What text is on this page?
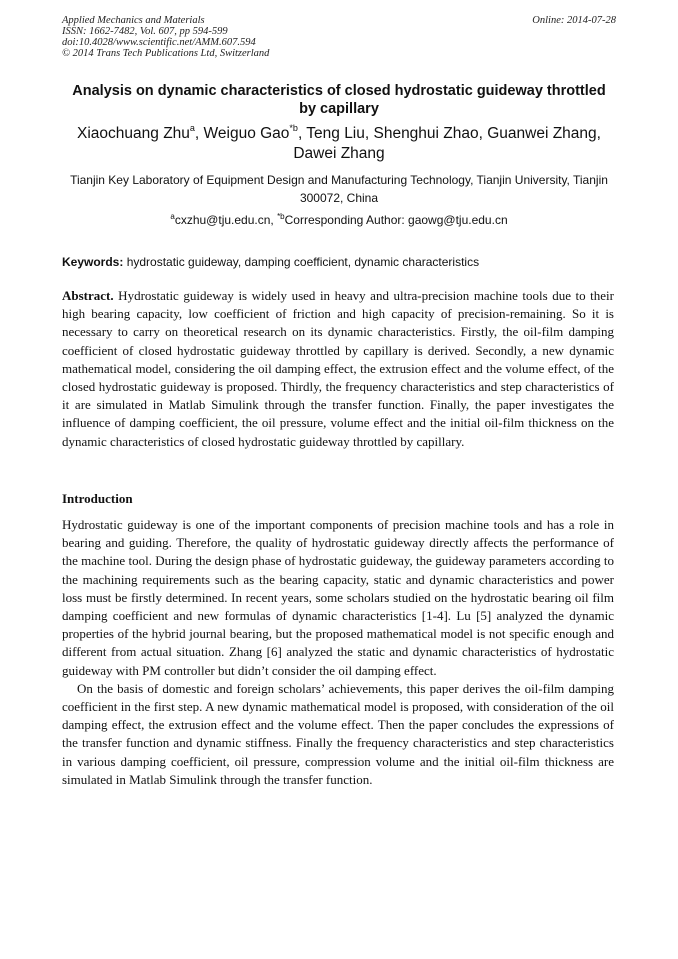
Applied Mechanics and Materials
ISSN: 1662-7482, Vol. 607, pp 594-599
doi:10.4028/www.scientific.net/AMM.607.594
© 2014 Trans Tech Publications Ltd, Switzerland
Online: 2014-07-28
Analysis on dynamic characteristics of closed hydrostatic guideway throttled by capillary
Xiaochuang Zhu$^a$, Weiguo Gao$^{*b}$, Teng Liu, Shenghui Zhao, Guanwei Zhang, Dawei Zhang
Tianjin Key Laboratory of Equipment Design and Manufacturing Technology, Tianjin University, Tianjin 300072, China
$^a$cxzhu@tju.edu.cn, $^{*b}$Corresponding Author: gaowg@tju.edu.cn
Keywords: hydrostatic guideway, damping coefficient, dynamic characteristics
Abstract. Hydrostatic guideway is widely used in heavy and ultra-precision machine tools due to their high bearing capacity, low coefficient of friction and high capacity of precision-remaining. So it is necessary to carry on theoretical research on its dynamic characteristics. Firstly, the oil-film damping coefficient of closed hydrostatic guideway throttled by capillary is derived. Secondly, a new dynamic mathematical model, considering the oil damping effect, the extrusion effect and the volume effect, of the closed hydrostatic guideway is proposed. Thirdly, the frequency characteristics and step characteristics of it are simulated in Matlab Simulink through the transfer function. Finally, the paper investigates the influence of damping coefficient, the oil pressure, volume effect and the initial oil-film thickness on the dynamic characteristics of closed hydrostatic guideway throttled by capillary.
Introduction

Hydrostatic guideway is one of the important components of precision machine tools and has a role in bearing and guiding. Therefore, the quality of hydrostatic guideway directly affects the performance of the machine tool. During the design phase of hydrostatic guideway, the guideway parameters according to the machining requirements such as the bearing capacity, static and dynamic characteristics and power loss must be firstly determined. In recent years, some scholars studied on the hydrostatic bearing oil film damping coefficient and new formulas of dynamic characteristics [1-4]. Lu [5] analyzed the dynamic properties of the hybrid journal bearing, but the proposed mathematical model is not specific enough and different from actual situation. Zhang [6] analyzed the static and dynamic characteristics of hydrostatic guideway with PM controller but didn’t consider the oil damping effect.

On the basis of domestic and foreign scholars’ achievements, this paper derives the oil-film damping coefficient in the first step. A new dynamic mathematical model is proposed, with consideration of the oil damping effect, the extrusion effect and the volume effect. Then the paper concludes the expressions of the transfer function and dynamic stiffness. Finally the frequency characteristics and step characteristics in various damping coefficient, oil pressure, compression volume and the initial oil-film thickness are simulated in Matlab Simulink through the transfer function.
